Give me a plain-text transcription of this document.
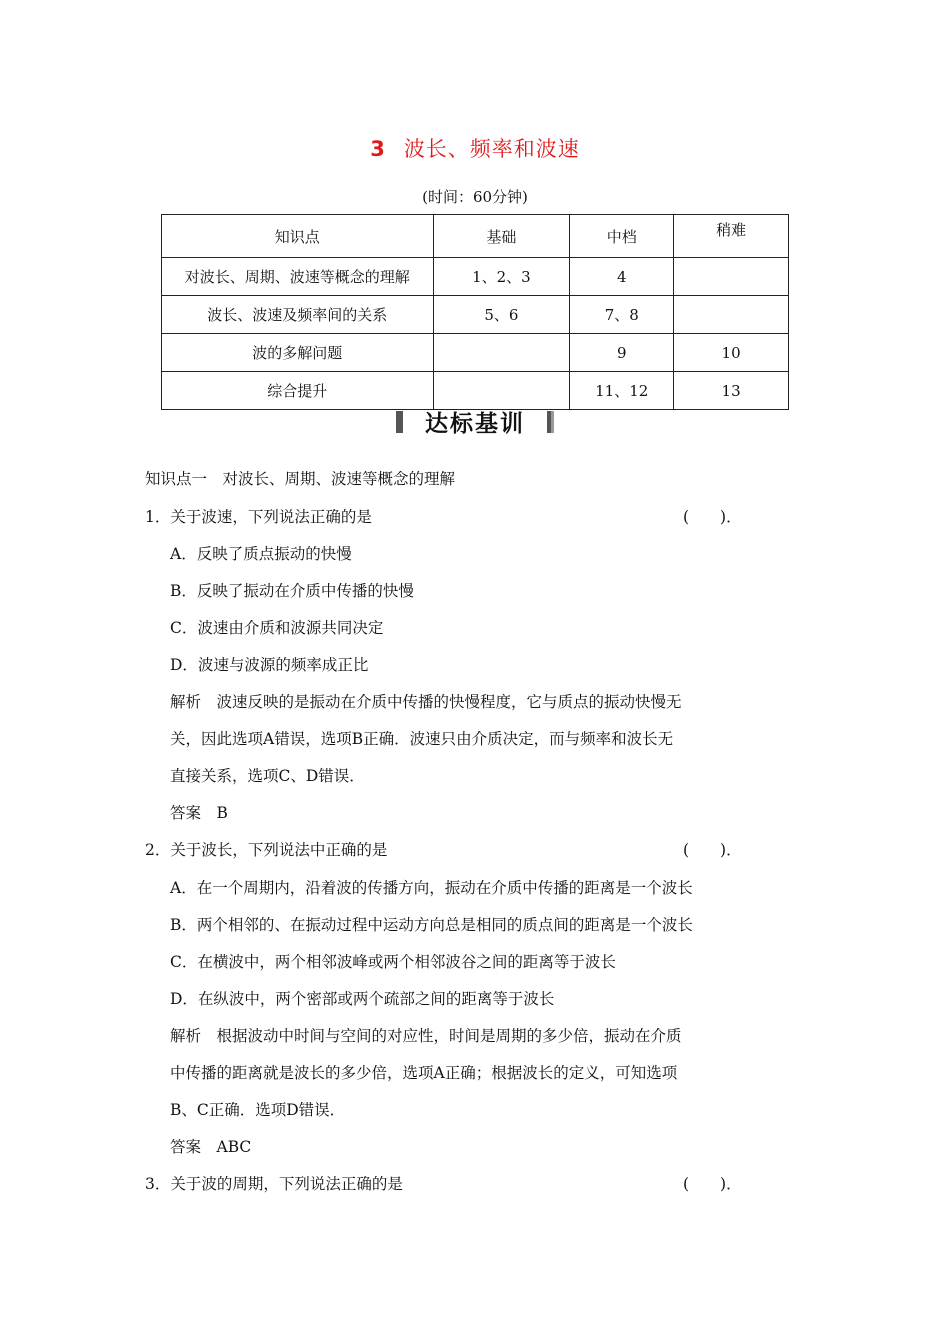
3 波长、频率和波速
(时间：60分钟)
知识点	基础	中档	稍难
对波长、周期、波速等概念的理解	1、2、3	4	
波长、波速及频率间的关系	5、6	7、8	
波的多解问题		9	10
综合提升		11、12	13
达标基训
知识点一　对波长、周期、波速等概念的理解
1．关于波速，下列说法正确的是	(　　)．
A．反映了质点振动的快慢
B．反映了振动在介质中传播的快慢
C．波速由介质和波源共同决定
D．波速与波源的频率成正比
解析　波速反映的是振动在介质中传播的快慢程度，它与质点的振动快慢无
关，因此选项A错误，选项B正确．波速只由介质决定，而与频率和波长无
直接关系，选项C、D错误．
答案　B
2．关于波长，下列说法中正确的是	(　　)．
A．在一个周期内，沿着波的传播方向，振动在介质中传播的距离是一个波长
B．两个相邻的、在振动过程中运动方向总是相同的质点间的距离是一个波长
C．在横波中，两个相邻波峰或两个相邻波谷之间的距离等于波长
D．在纵波中，两个密部或两个疏部之间的距离等于波长
解析　根据波动中时间与空间的对应性，时间是周期的多少倍，振动在介质
中传播的距离就是波长的多少倍，选项A正确；根据波长的定义，可知选项
B、C正确．选项D错误．
答案　ABC
3．关于波的周期，下列说法正确的是	(　　)．
